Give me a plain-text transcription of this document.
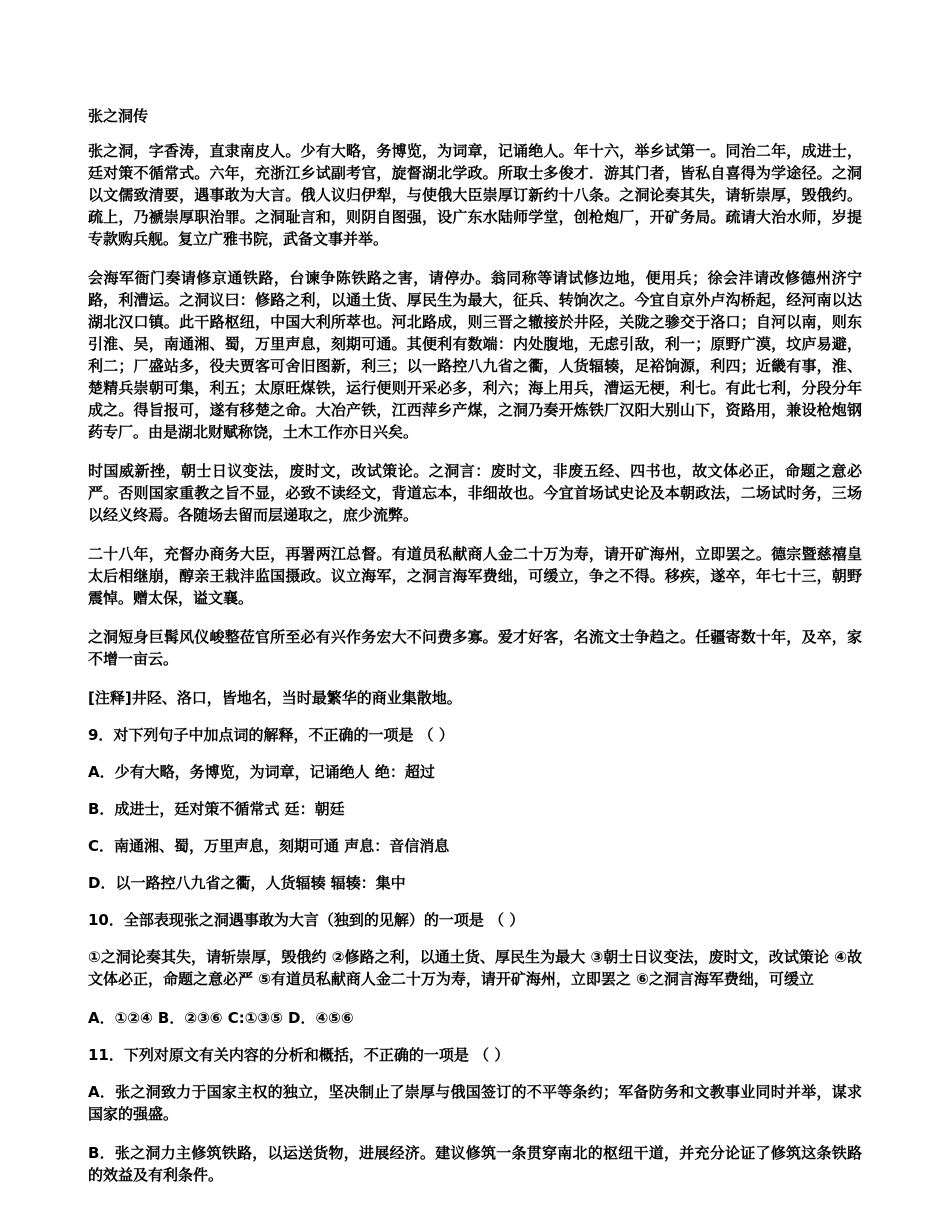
张之洞传

张之洞，字香涛，直隶南皮人。少有大略，务博览，为词章，记诵绝人。年十六，举乡试第一。同治二年，成进士，廷对策不循常式。六年，充浙江乡试副考官，旋督湖北学政。所取士多俊才．游其门者，皆私自喜得为学途径。之洞以文儒致清要，遇事敢为大言。俄人议归伊犁，与使俄大臣崇厚订新约十八条。之洞论奏其失，请斩崇厚，毁俄约。疏上，乃褫崇厚职治罪。之洞耻言和，则阴自图强，设广东水陆师学堂，创枪炮厂，开矿务局。疏请大治水师，岁提专款购兵舰。复立广雅书院，武备文事并举。

会海军衙门奏请修京通铁路，台谏争陈铁路之害，请停办。翁同称等请试修边地，便用兵；徐会沣请改修德州济宁路，利漕运。之洞议曰：修路之利，以通土货、厚民生为最大，征兵、转饷次之。今宜自京外卢沟桥起，经河南以达湖北汉口镇。此干路枢纽，中国大利所萃也。河北路成，则三晋之辙接於井陉，关陇之骖交于洛口；自河以南，则东引淮、吴，南通湘、蜀，万里声息，刻期可通。其便利有数端：内处腹地，无虑引敌，利一；原野广漠，坟庐易避，利二；厂盛站多，役夫贾客可舍旧图新，利三；以一路控八九省之衢，人货辐辏，足裕饷源，利四；近畿有事，淮、楚精兵崇朝可集，利五；太原旺煤铁，运行便则开采必多，利六；海上用兵，漕运无梗，利七。有此七利，分段分年成之。得旨报可，遂有移楚之命。大冶产铁，江西萍乡产煤，之洞乃奏开炼铁厂汉阳大别山下，资路用，兼设枪炮钢药专厂。由是湖北财赋称饶，土木工作亦日兴矣。

时国威新挫，朝士日议变法，废时文，改试策论。之洞言：废时文，非废五经、四书也，故文体必正，命题之意必严。否则国家重教之旨不显，必致不读经文，背道忘本，非细故也。今宜首场试史论及本朝政法，二场试时务，三场以经义终焉。各随场去留而层递取之，庶少流弊。

二十八年，充督办商务大臣，再署两江总督。有道员私献商人金二十万为寿，请开矿海州，立即罢之。德宗暨慈禧皇太后相继崩，醇亲王栽沣监国摄政。议立海军，之洞言海军费绌，可缓立，争之不得。移疾，遂卒，年七十三，朝野震悼。赠太保，谥文襄。

之洞短身巨髯风仪峻整莅官所至必有兴作务宏大不问费多寡。爱才好客，名流文士争趋之。任疆寄数十年，及卒，家不增一亩云。

[注释]井陉、洛口，皆地名，当时最繁华的商业集散地。

9．对下列句子中加点词的解释，不正确的一项是 （ ）

A．少有大略，务博览，为词章，记诵绝人 绝：超过

B．成进士，廷对策不循常式 廷：朝廷

C．南通湘、蜀，万里声息，刻期可通 声息：音信消息

D．以一路控八九省之衢，人货辐辏 辐辏：集中

10．全部表现张之洞遇事敢为大言（独到的见解）的一项是 （ ）

①之洞论奏其失，请斩崇厚，毁俄约 ②修路之利，以通土货、厚民生为最大 ③朝士日议变法，废时文，改试策论 ④故文体必正，命题之意必严 ⑤有道员私献商人金二十万为寿，请开矿海州，立即罢之 ⑥之洞言海军费绌，可缓立

A．①②④ B．②③⑥ C:①③⑤ D．④⑤⑥

11．下列对原文有关内容的分析和概括，不正确的一项是 （ ）

A．张之洞致力于国家主权的独立，坚决制止了崇厚与俄国签订的不平等条约；军备防务和文教事业同时并举，谋求国家的强盛。

B．张之洞力主修筑铁路，以运送货物，进展经济。建议修筑一条贯穿南北的枢纽干道，并充分论证了修筑这条铁路的效益及有利条件。
